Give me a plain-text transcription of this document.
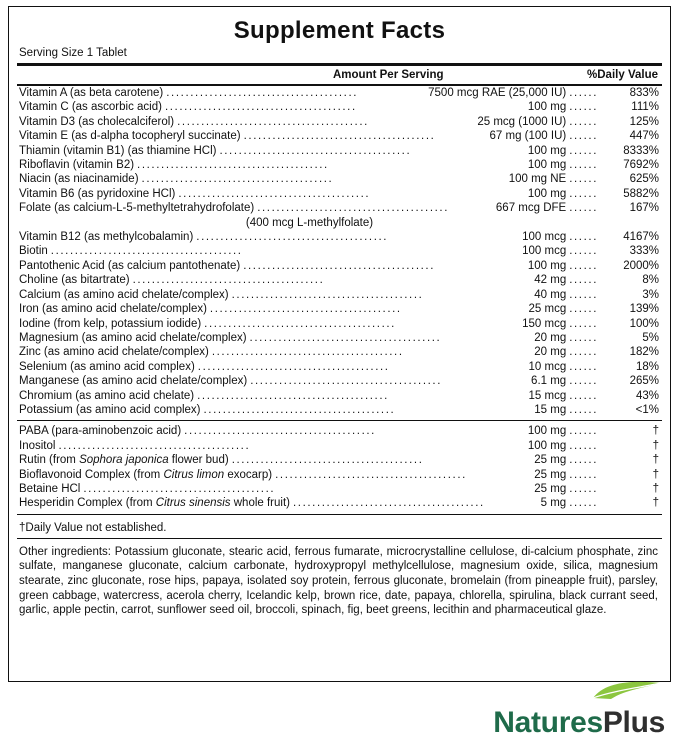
Supplement Facts
Serving Size 1 Tablet
Amount Per Serving	%Daily Value
Vitamin A (as beta carotene) ........................................	7500 mcg RAE (25,000 IU) ......	833%
Vitamin C (as ascorbic acid) ........................................	100 mg ......	111%
Vitamin D3 (as cholecalciferol) ........................................	25 mcg (1000 IU) ......	125%
Vitamin E (as d-alpha tocopheryl succinate) ........................................	67 mg (100 IU) ......	447%
Thiamin (vitamin B1) (as thiamine HCl) ........................................	100 mg ......	8333%
Riboflavin (vitamin B2) ........................................	100 mg ......	7692%
Niacin (as niacinamide) ........................................	100 mg NE ......	625%
Vitamin B6 (as pyridoxine HCl) ........................................	100 mg ......	5882%
Folate (as calcium-L-5-methyltetrahydrofolate) ........................................	667 mcg DFE ......	167%
(400 mcg L-methylfolate)
Vitamin B12 (as methylcobalamin) ........................................	100 mcg ......	4167%
Biotin ........................................	100 mcg ......	333%
Pantothenic Acid (as calcium pantothenate) ........................................	100 mg ......	2000%
Choline (as bitartrate) ........................................	42 mg ......	8%
Calcium (as amino acid chelate/complex) ........................................	40 mg ......	3%
Iron (as amino acid chelate/complex) ........................................	25 mcg ......	139%
Iodine (from kelp, potassium iodide) ........................................	150 mcg ......	100%
Magnesium (as amino acid chelate/complex) ........................................	20 mg ......	5%
Zinc (as amino acid chelate/complex) ........................................	20 mg ......	182%
Selenium (as amino acid complex) ........................................	10 mcg ......	18%
Manganese (as amino acid chelate/complex) ........................................	6.1 mg ......	265%
Chromium (as amino acid chelate) ........................................	15 mcg ......	43%
Potassium (as amino acid complex) ........................................	15 mg ......	<1%
PABA (para-aminobenzoic acid) ........................................	100 mg ......	†
Inositol ........................................	100 mg ......	†
Rutin (from Sophora japonica flower bud) ........................................	25 mg ......	†
Bioflavonoid Complex (from Citrus limon exocarp) ........................................	25 mg ......	†
Betaine HCl ........................................	25 mg ......	†
Hesperidin Complex (from Citrus sinensis whole fruit) ........................................	5 mg ......	†
†Daily Value not established.
Other ingredients: Potassium gluconate, stearic acid, ferrous fumarate, microcrystalline cellulose, di-calcium phosphate, zinc sulfate, manganese gluconate, calcium carbonate, hydroxypropyl methylcellulose, magnesium oxide, silica, magnesium stearate, zinc gluconate, rose hips, papaya, isolated soy protein, ferrous gluconate, bromelain (from pineapple fruit), parsley, green cabbage, watercress, acerola cherry, Icelandic kelp, brown rice, date, papaya, chlorella, spirulina, black currant seed, garlic, apple pectin, carrot, sunflower seed oil, broccoli, spinach, fig, beet greens, lecithin and pharmaceutical glaze.
NaturesPlus
